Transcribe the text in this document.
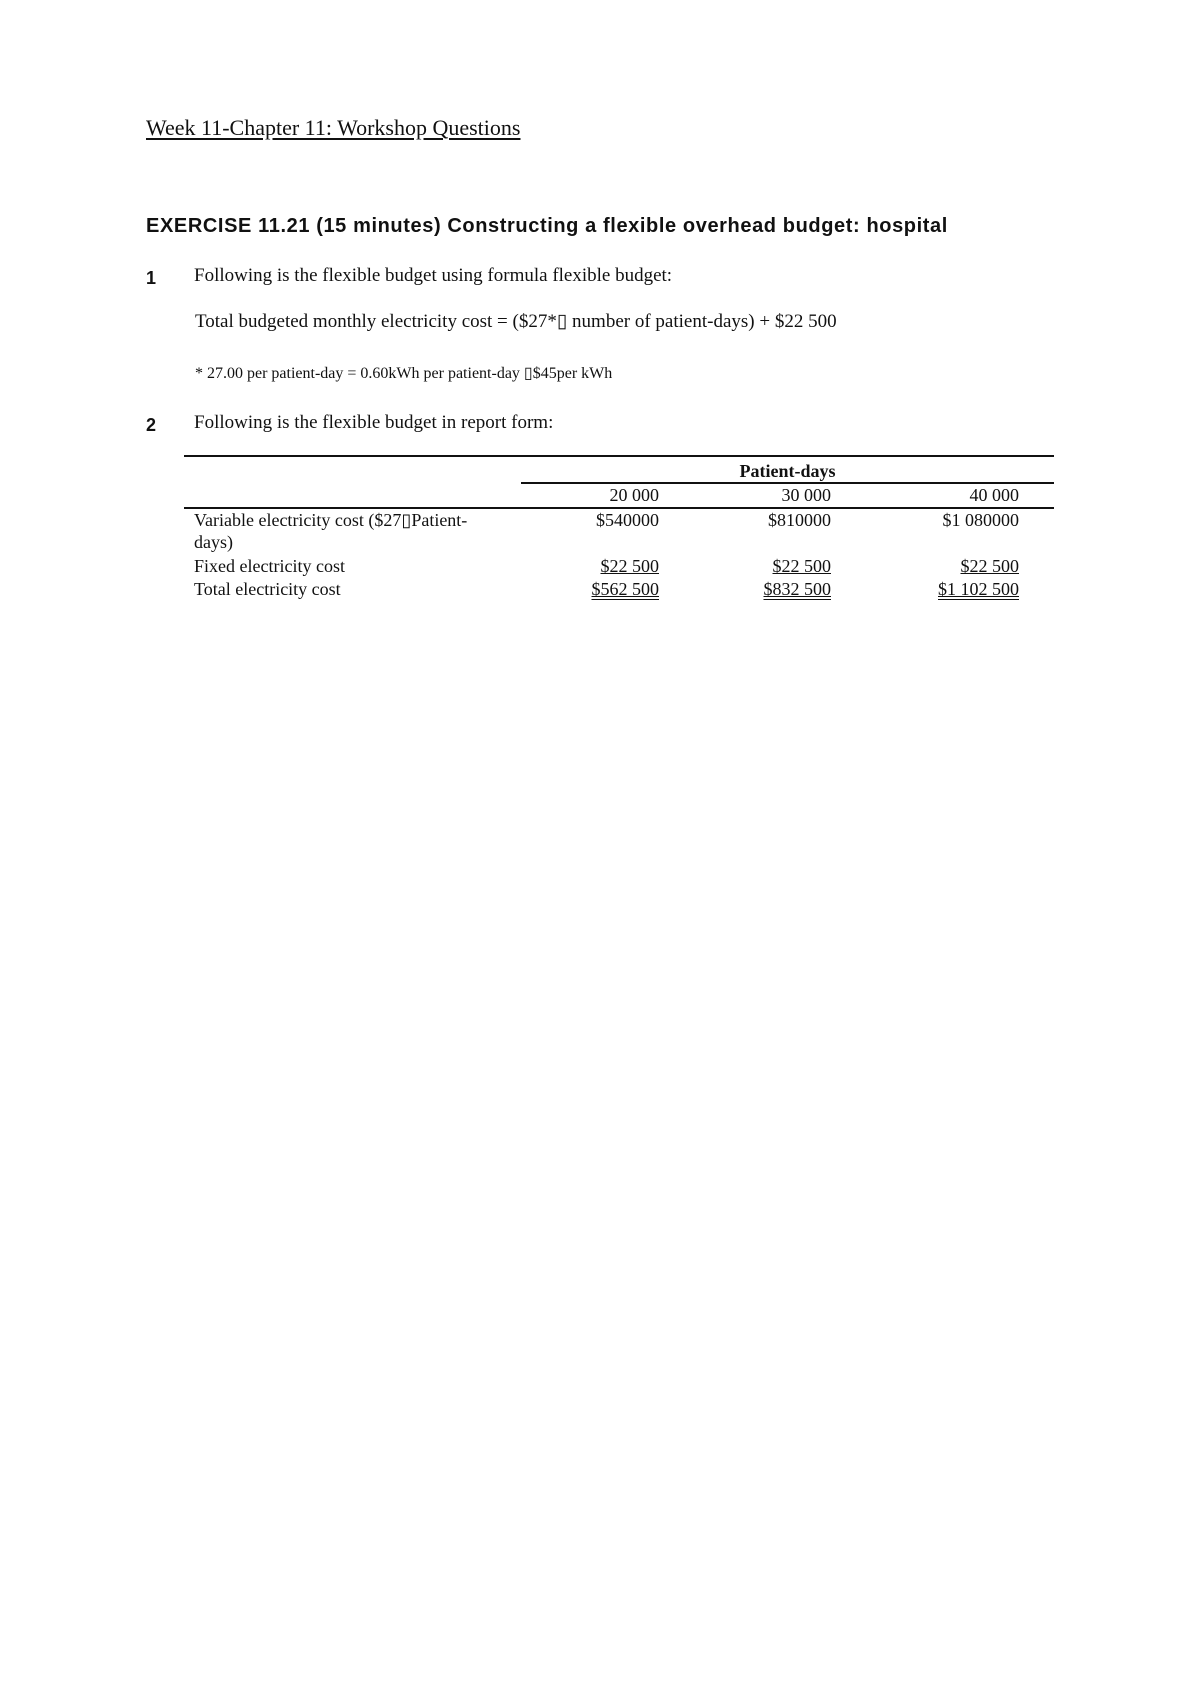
Week 11-Chapter 11: Workshop Questions
EXERCISE 11.21 (15 minutes) Constructing a flexible overhead budget: hospital
1 Following is the flexible budget using formula flexible budget:
Total budgeted monthly electricity cost = ($27*▯ number of patient-days) + $22 500
* 27.00 per patient-day = 0.60kWh per patient-day ▯$45per kWh
2 Following is the flexible budget in report form:
Patient-days
20 000	30 000	40 000
Variable electricity cost ($27▯Patient-
days)
$540000	$810000	$1 080000
Fixed electricity cost	$22 500	$22 500	$22 500
Total electricity cost	$562 500	$832 500	$1 102 500
